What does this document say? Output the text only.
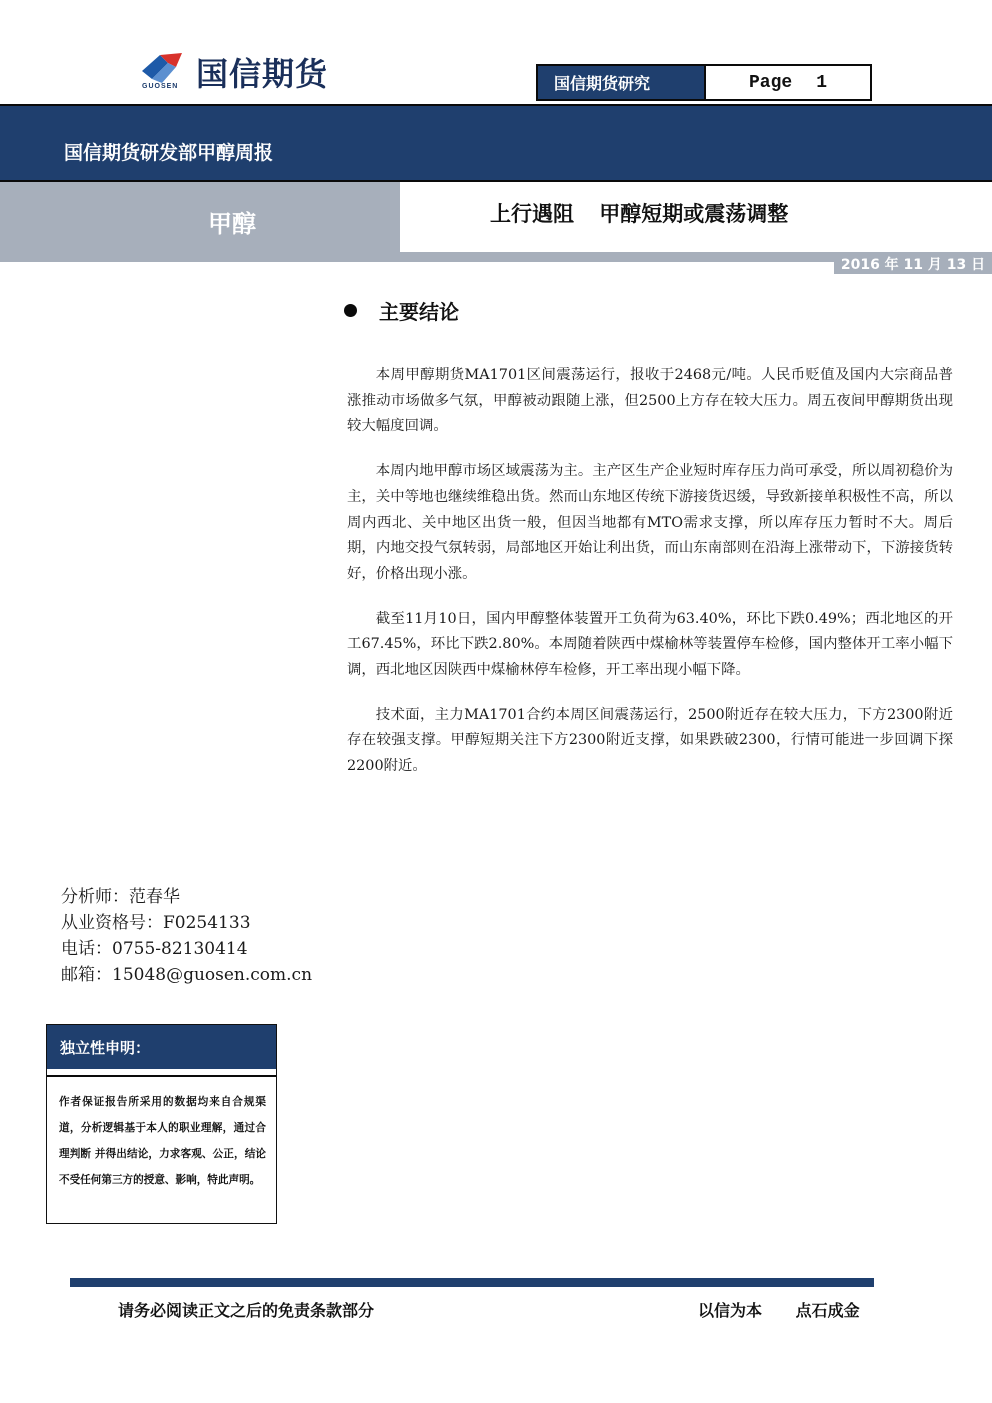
GUOSEN 国信期货	国信期货研究	Page 1
国信期货研发部甲醇周报
甲醇	上行遇阻 甲醇短期或震荡调整
2016 年 11 月 13 日
主要结论

本周甲醇期货MA1701区间震荡运行，报收于2468元/吨。人民币贬值及国内大宗商品普涨推动市场做多气氛，甲醇被动跟随上涨，但2500上方存在较大压力。周五夜间甲醇期货出现较大幅度回调。

本周内地甲醇市场区域震荡为主。主产区生产企业短时库存压力尚可承受，所以周初稳价为主，关中等地也继续维稳出货。然而山东地区传统下游接货迟缓，导致新接单积极性不高，所以周内西北、关中地区出货一般，但因当地都有MTO需求支撑，所以库存压力暂时不大。周后期，内地交投气氛转弱，局部地区开始让利出货，而山东南部则在沿海上涨带动下，下游接货转好，价格出现小涨。

截至11月10日，国内甲醇整体装置开工负荷为63.40%，环比下跌0.49%；西北地区的开工67.45%，环比下跌2.80%。本周随着陕西中煤榆林等装置停车检修，国内整体开工率小幅下调，西北地区因陕西中煤榆林停车检修，开工率出现小幅下降。

技术面，主力MA1701合约本周区间震荡运行，2500附近存在较大压力，下方2300附近存在较强支撑。甲醇短期关注下方2300附近支撑，如果跌破2300，行情可能进一步回调下探2200附近。

分析师：范春华
从业资格号：F0254133
电话：0755-82130414
邮箱：15048@guosen.com.cn
独立性申明：
作者保证报告所采用的数据均来自合规渠道，分析逻辑基于本人的职业理解，通过合理判断 并得出结论，力求客观、公正，结论不受任何第三方的授意、影响，特此声明。
请务必阅读正文之后的免责条款部分	以信为本 点石成金
